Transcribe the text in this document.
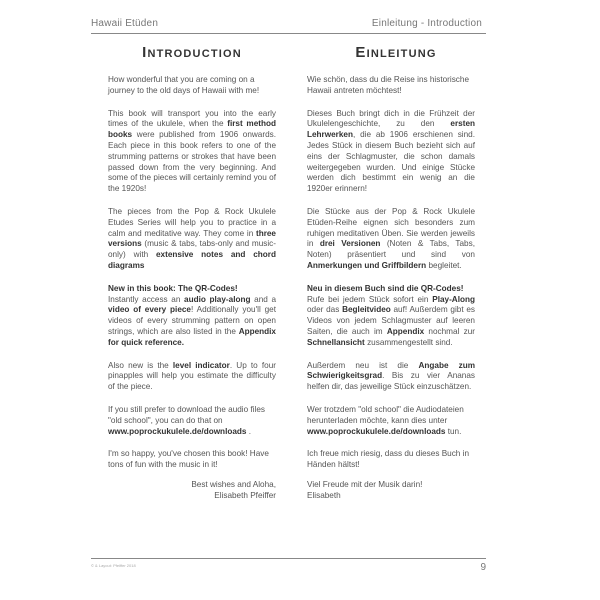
Hawaii Etüden	Einleitung - Introduction
Introduction

How wonderful that you are coming on a journey to the old days of Hawaii with me!

This book will transport you into the early times of the ukulele, when the first method books were published from 1906 onwards. Each piece in this book refers to one of the strumming patterns or strokes that have been passed down from the very beginning. And some of the pieces will certainly remind you of the 1920s!

The pieces from the Pop & Rock Ukulele Etudes Series will help you to practice in a calm and meditative way. They come in three versions (music & tabs, tabs-only and music-only) with extensive notes and chord diagrams

New in this book: The QR-Codes!
Instantly access an audio play-along and a video of every piece! Additionally you'll get videos of every strumming pattern on open strings, which are also listed in the Appendix for quick reference.

Also new is the level indicator. Up to four pinapples will help you estimate the difficulty of the piece.

If you still prefer to download the audio files "old school", you can do that on www.poprockukulele.de/downloads .

I'm so happy, you've chosen this book! Have tons of fun with the music in it!

Best wishes and Aloha,
Elisabeth Pfeiffer

Einleitung

Wie schön, dass du die Reise ins historische Hawaii antreten möchtest!

Dieses Buch bringt dich in die Frühzeit der Ukulelengeschichte, zu den ersten Lehrwerken, die ab 1906 erschienen sind. Jedes Stück in diesem Buch bezieht sich auf eins der Schlagmuster, die schon damals weitergegeben wurden. Und einige Stücke werden dich bestimmt ein wenig an die 1920er erinnern!

Die Stücke aus der Pop & Rock Ukulele Etüden-Reihe eignen sich besonders zum ruhigen meditativen Üben. Sie werden jeweils in drei Versionen (Noten & Tabs, Tabs, Noten) präsentiert und sind von Anmerkungen und Griffbildern begleitet.

Neu in diesem Buch sind die QR-Codes!
Rufe bei jedem Stück sofort ein Play-Along oder das Begleitvideo auf! Außerdem gibt es Videos von jedem Schlagmuster auf leeren Saiten, die auch im Appendix nochmal zur Schnellansicht zusammengestellt sind.

Außerdem neu ist die Angabe zum Schwierigkeitsgrad. Bis zu vier Ananas helfen dir, das jeweilige Stück einzuschätzen.

Wer trotzdem "old school" die Audiodateien herunterladen möchte, kann dies unter www.poprockukulele.de/downloads tun.

Ich freue mich riesig, dass du dieses Buch in Händen hältst!

Viel Freude mit der Musik darin!
Elisabeth

© & Layout: Pfeiffer 2018	9
